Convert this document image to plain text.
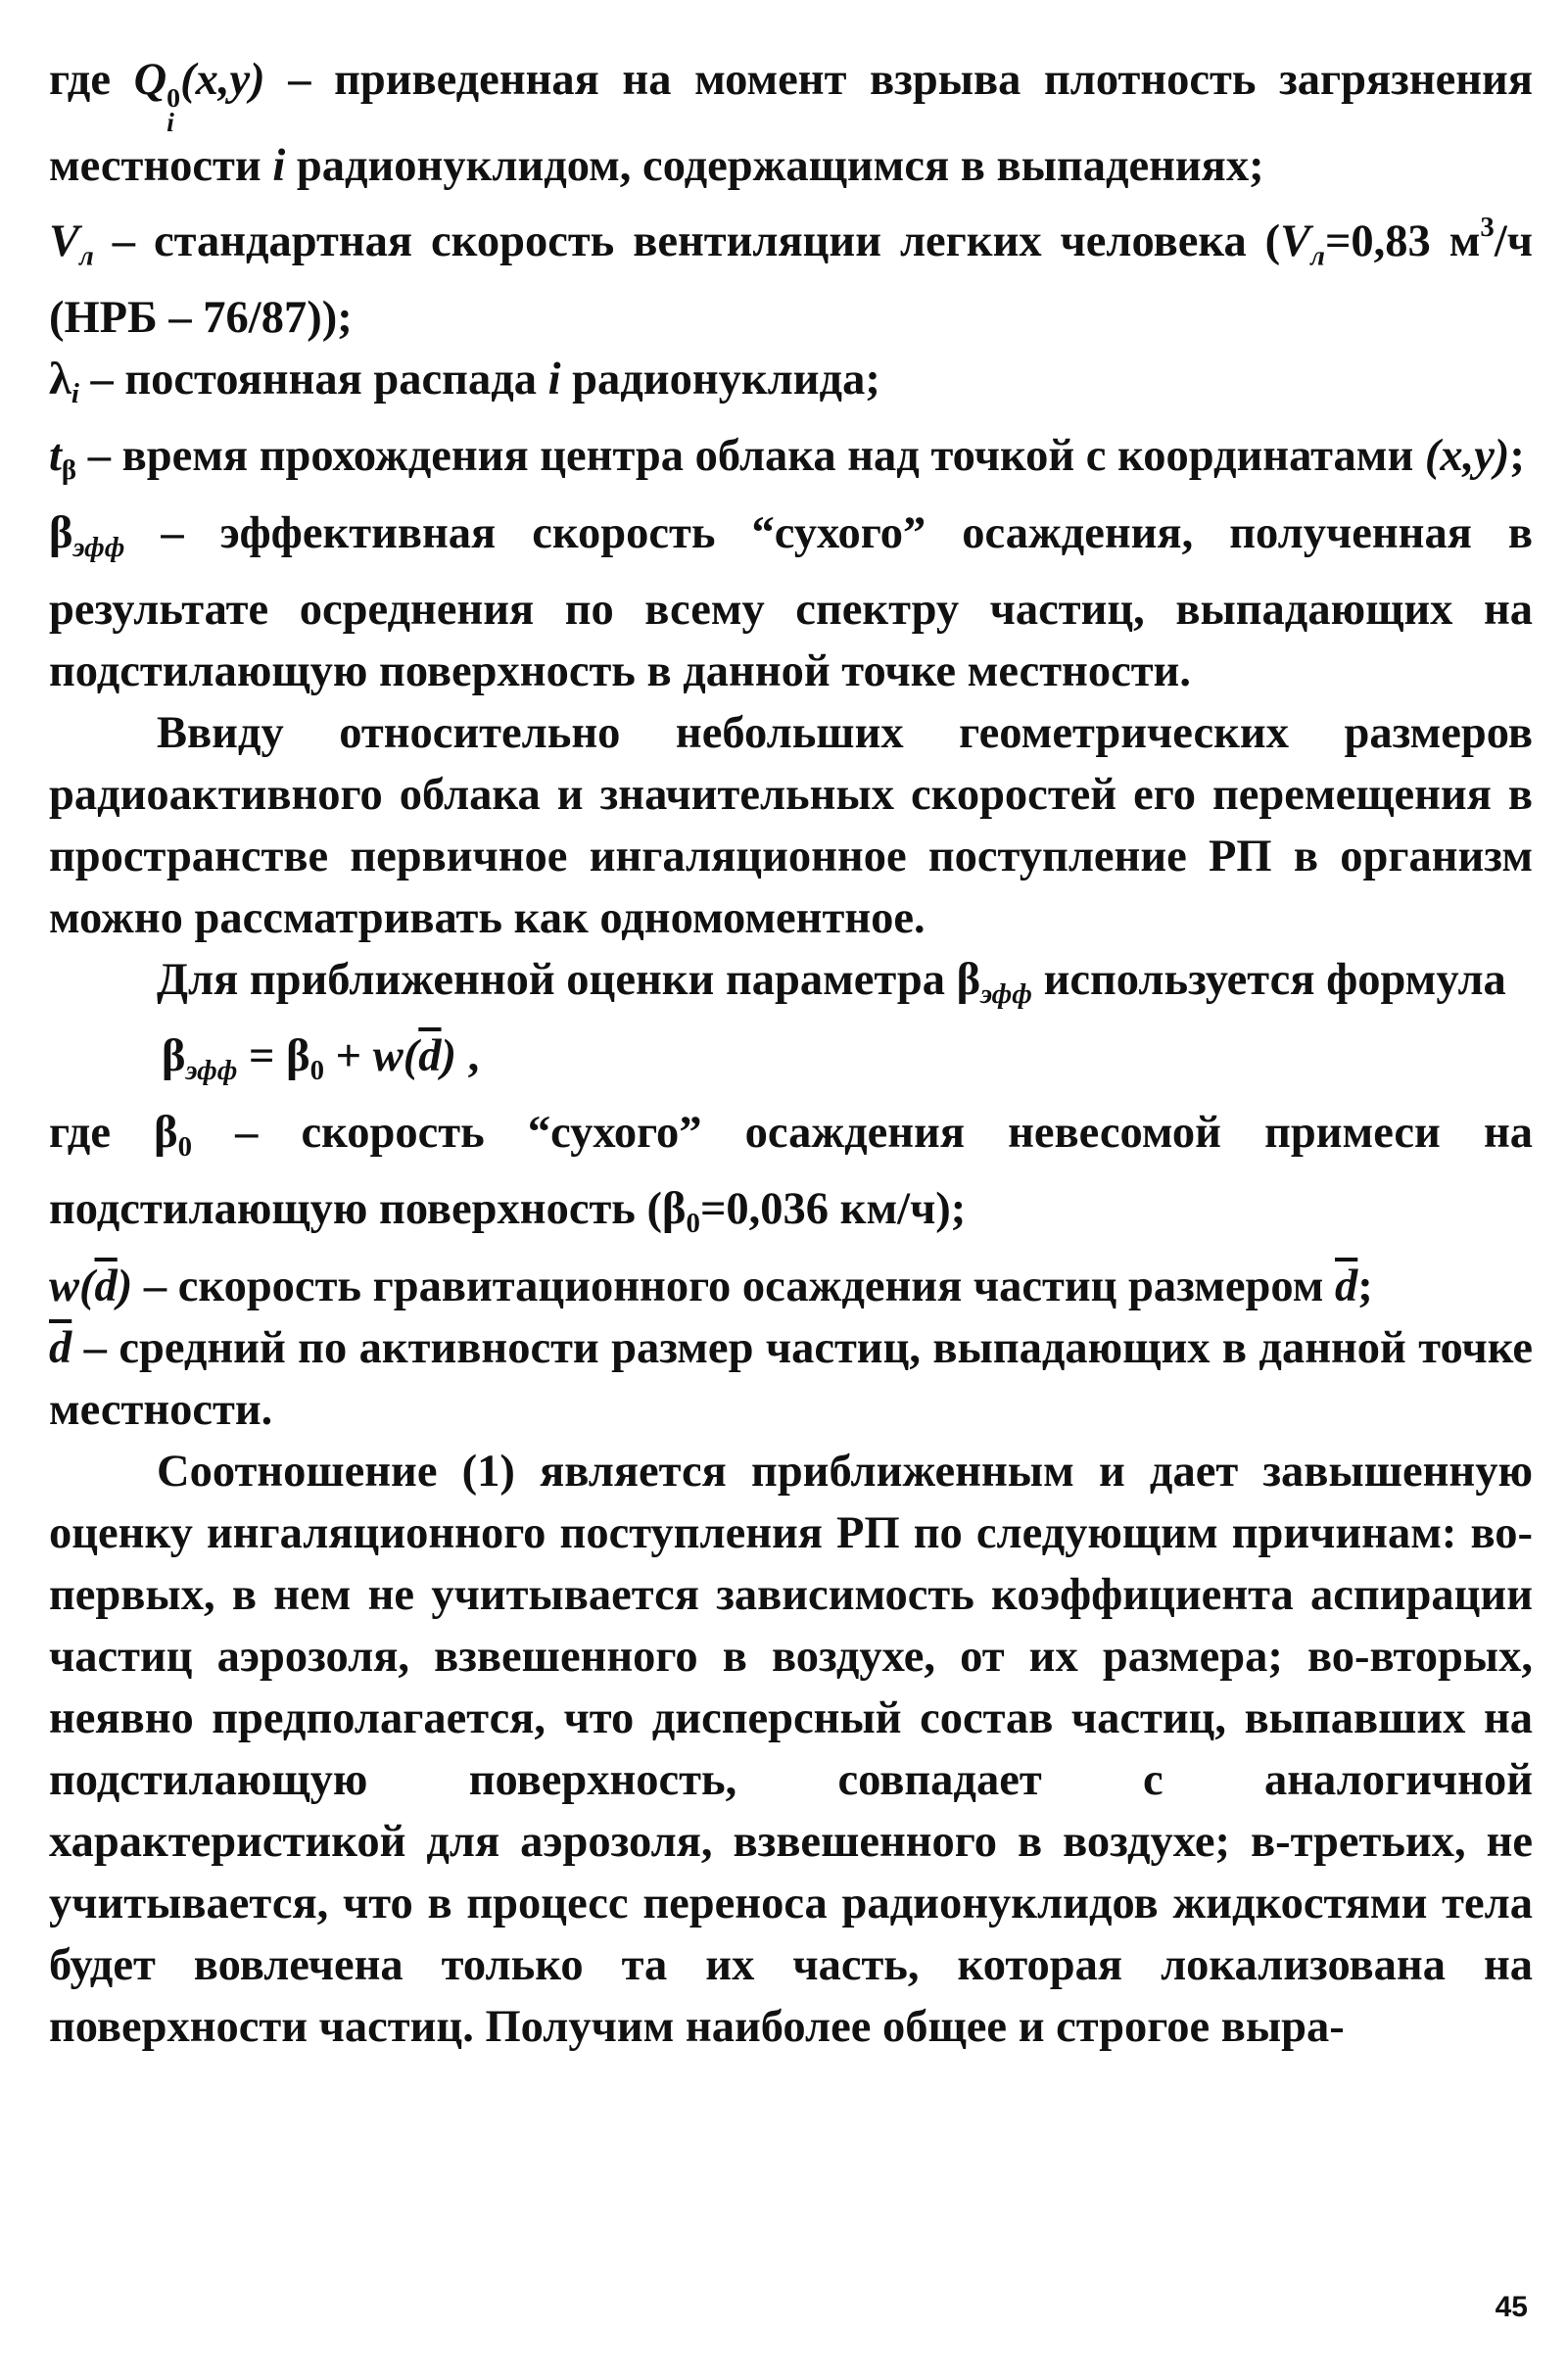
где Q 0
i
(x,y) – приведенная на момент взрыва плотность загрязнения местности i радионуклидом, содержащимся в выпадениях;

$V_л$ – стандартная скорость вентиляции легких человека ($V_л=0,83$ $м^3/ч$ (НРБ – 76/87));

$\lambda_i$ – постоянная распада i радионуклида;

tβ – время прохождения центра облака над точкой с координатами (x,y);

$\beta_{эфф}$ – эффективная скорость “сухого” осаждения, полученная в результате осреднения по всему спектру частиц, выпадающих на подстилающую поверхность в данной точке местности.

Ввиду относительно небольших геометрических размеров радиоактивного облака и значительных скоростей его перемещения в пространстве первичное ингаляционное поступление РП в организм можно рассматривать как одномоментное.

Для приближенной оценки параметра $\beta_{эфф}$ используется формула

$\beta_{эфф} = \beta 0 + w(\overline{d})$ ,

где β0 – скорость “сухого” осаждения невесомой примеси на подстилающую поверхность (β0=0,036 км/ч);

$w(\overline{d})$ – скорость гравитационного осаждения частиц размером $\overline{d}$;

$\overline{d}$ – средний по активности размер частиц, выпадающих в данной точке местности.

Соотношение (1) является приближенным и дает завышенную оценку ингаляционного поступления РП по следующим причинам: во-первых, в нем не учитывается зависимость коэффициента аспирации частиц аэрозоля, взвешенного в воздухе, от их размера; во-вторых, неявно предполагается, что дисперсный состав частиц, выпавших на подстилающую поверхность, совпадает с аналогичной характеристикой для аэрозоля, взвешенного в воздухе; в-третьих, не учитывается, что в процесс переноса радионуклидов жидкостями тела будет вовлечена только та их часть, которая локализована на поверхности частиц. Получим наиболее общее и строгое выра-

45
